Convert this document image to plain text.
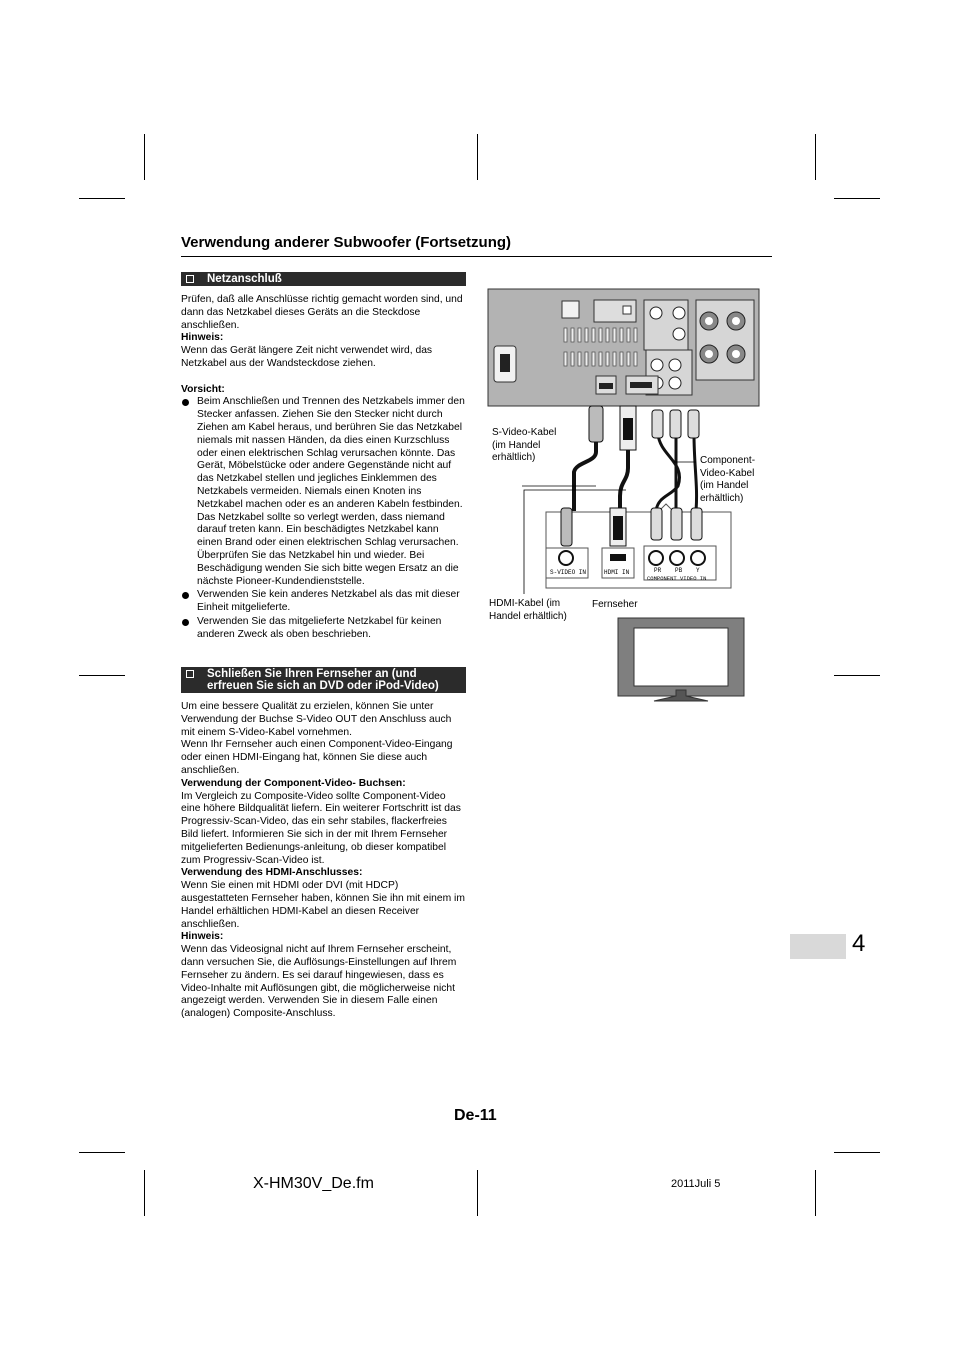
Verwendung anderer Subwoofer (Fortsetzung)
Netzanschluß

Prüfen, daß alle Anschlüsse richtig gemacht worden sind, und dann das Netzkabel dieses Geräts an die Steckdose anschließen.

Hinweis:

Wenn das Gerät längere Zeit nicht verwendet wird, das Netzkabel aus der Wandsteckdose ziehen.

Vorsicht:

Beim Anschließen und Trennen des Netzkabels immer den Stecker anfassen. Ziehen Sie den Stecker nicht durch Ziehen am Kabel heraus, und berühren Sie das Netzkabel niemals mit nassen Händen, da dies einen Kurzschluss oder einen elektrischen Schlag verursachen könnte. Das Gerät, Möbelstücke oder andere Gegenstände nicht auf das Netzkabel stellen und jegliches Einklemmen des Netzkabels vermeiden. Niemals einen Knoten ins Netzkabel machen oder es an anderen Kabeln festbinden. Das Netzkabel sollte so verlegt werden, dass niemand darauf treten kann. Ein beschädigtes Netzkabel kann einen Brand oder einen elektrischen Schlag verursachen. Überprüfen Sie das Netzkabel hin und wieder. Bei Beschädigung wenden Sie sich bitte wegen Ersatz an die nächste Pioneer-Kundendienststelle.
Verwenden Sie kein anderes Netzkabel als das mit dieser Einheit mitgelieferte.
Verwenden Sie das mitgelieferte Netzkabel für keinen anderen Zweck als oben beschrieben.
Schließen Sie Ihren Fernseher an (und
erfreuen Sie sich an DVD oder iPod-Video)

Um eine bessere Qualität zu erzielen, können Sie unter Verwendung der Buchse S-Video OUT den Anschluss auch mit einem S-Video-Kabel vornehmen.

Wenn Ihr Fernseher auch einen Component-Video-Eingang oder einen HDMI-Eingang hat, können Sie diese auch anschließen.

Verwendung der Component-Video- Buchsen:

Im Vergleich zu Composite-Video sollte Component-Video eine höhere Bildqualität liefern. Ein weiterer Fortschritt ist das Progressiv-Scan-Video, das ein sehr stabiles, flackerfreies Bild liefert. Informieren Sie sich in der mit Ihrem Fernseher mitgelieferten Bedienungs-anleitung, ob dieser kompatibel zum Progressiv-Scan-Video ist.

Verwendung des HDMI-Anschlusses:

Wenn Sie einen mit HDMI oder DVI (mit HDCP) ausgestatteten Fernseher haben, können Sie ihn mit einem im Handel erhältlichen HDMI-Kabel an diesen Receiver anschließen.

Hinweis:

Wenn das Videosignal nicht auf Ihrem Fernseher erscheint, dann versuchen Sie, die Auflösungs-Einstellungen auf Ihrem Fernseher zu ändern. Es sei darauf hingewiesen, dass es Video-Inhalte mit Auflösungen gibt, die möglicherweise nicht angezeigt werden. Verwenden Sie in diesem Falle einen (analogen) Composite-Anschluss.

S-VIDEO IN	HDMI IN	PR PB Y
COMPONENT VIDEO IN
S-Video-Kabel
(im Handel
erhältlich)	Component-
Video-Kabel
(im Handel
erhältlich)
HDMI-Kabel (im
Handel erhältlich)
Fernseher
4
De-11
X-HM30V_De.fm	2011Juli 5
